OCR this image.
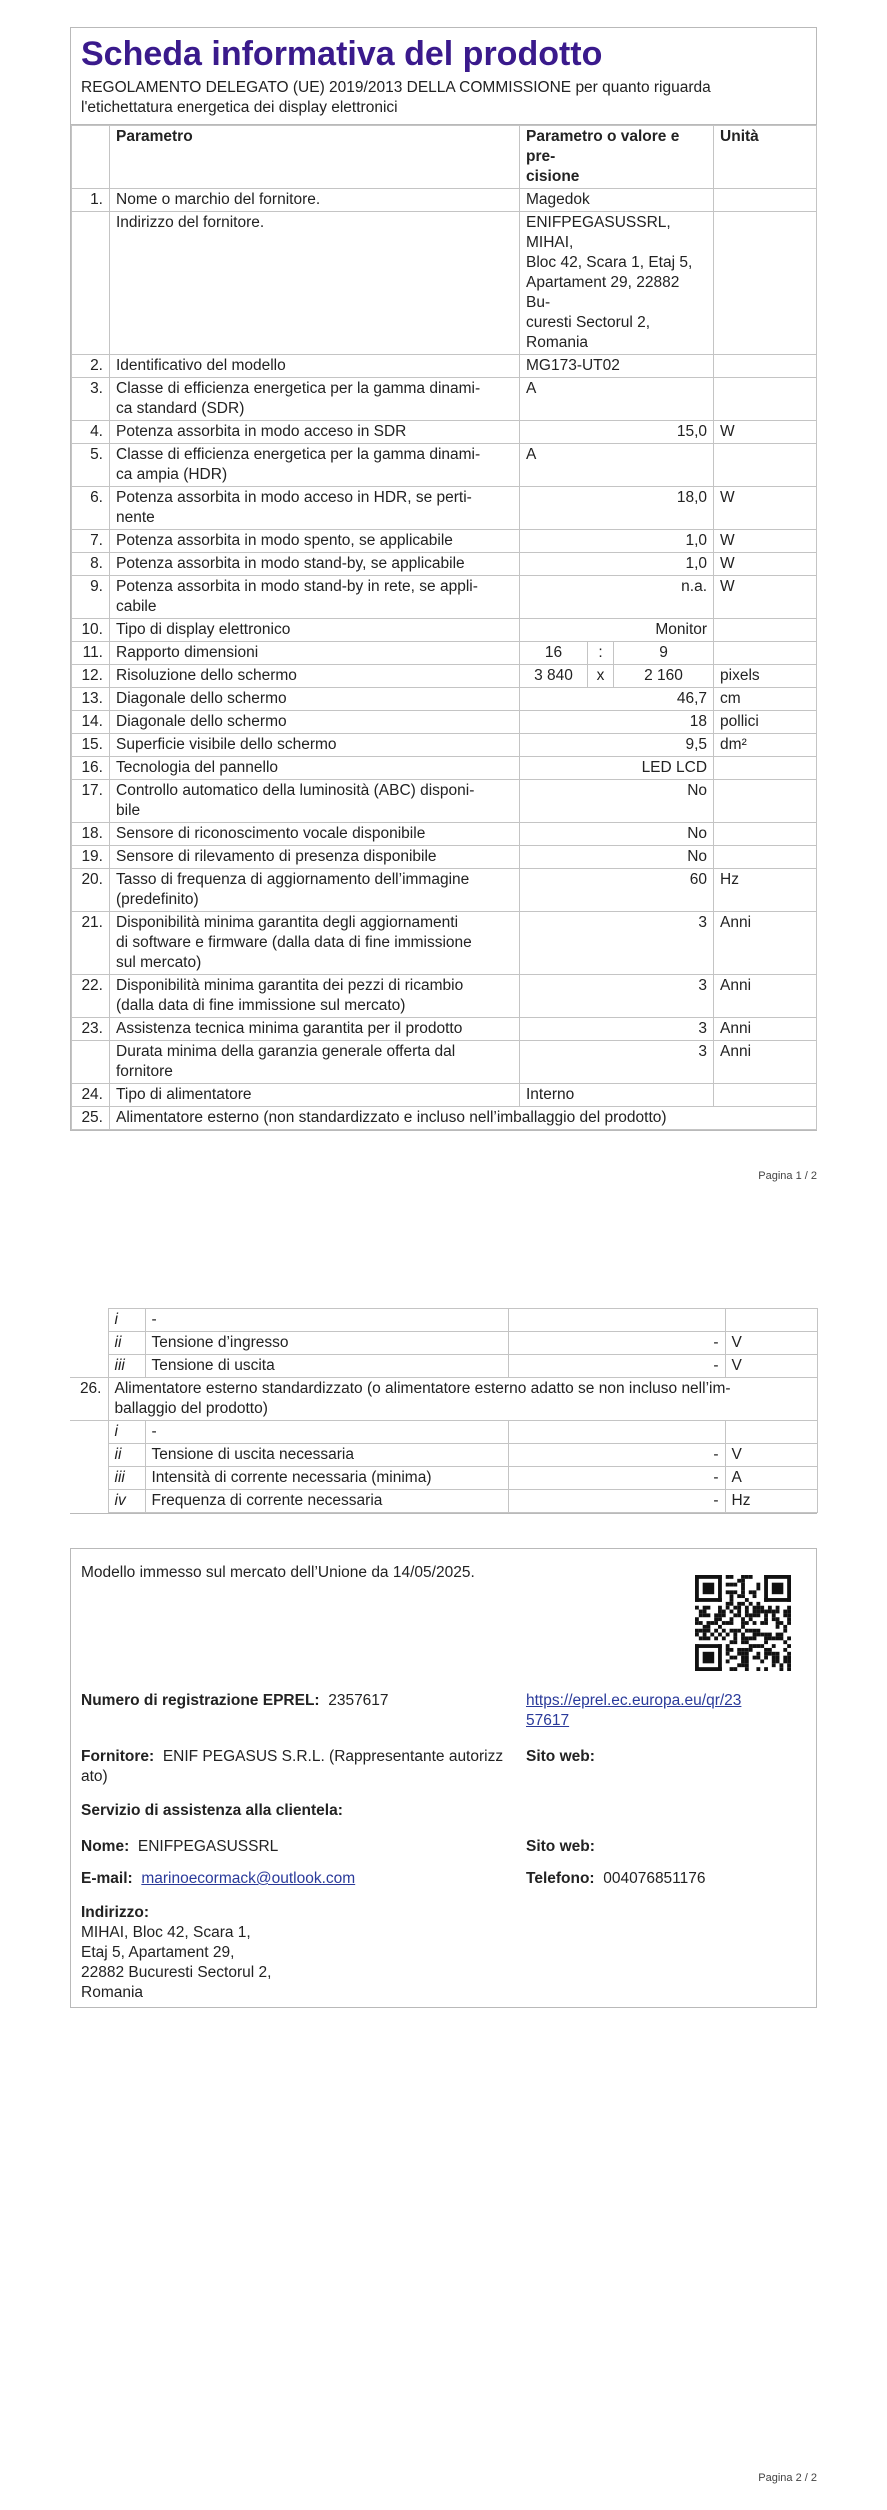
Scheda informativa del prodotto
REGOLAMENTO DELEGATO (UE) 2019/2013 DELLA COMMISSIONE per quanto riguarda
l'etichettatura energetica dei display elettronici
	Parametro	Parametro o valore e pre-
cisione			Unità
1.	Nome o marchio del fornitore.	Magedok			

	Indirizzo del fornitore.	ENIFPEGASUSSRL, MIHAI,
Bloc 42, Scara 1, Etaj 5,
Apartament 29, 22882 Bu-
curesti Sectorul 2, Romania			

2.	Identificativo del modello	MG173-UT02			

3.	Classe di efficienza energetica per la gamma dinami-
ca standard (SDR)	A			

4.	Potenza assorbita in modo acceso in SDR	15,0			W
5.	Classe di efficienza energetica per la gamma dinami-
ca ampia (HDR)	A			

6.	Potenza assorbita in modo acceso in HDR, se perti-
nente	18,0			W
7.	Potenza assorbita in modo spento, se applicabile	1,0			W
8.	Potenza assorbita in modo stand-by, se applicabile	1,0			W
9.	Potenza assorbita in modo stand-by in rete, se appli-
cabile	n.a.			W
10.	Tipo di display elettronico	Monitor			
11.	Rapporto dimensioni	16	:	9	
12.	Risoluzione dello schermo	3 840	x	2 160	pixels
13.	Diagonale dello schermo	46,7			cm
14.	Diagonale dello schermo	18			pollici
15.	Superficie visibile dello schermo	9,5			dm²
16.	Tecnologia del pannello	LED LCD			
17.	Controllo automatico della luminosità (ABC) disponi-
bile	No			
18.	Sensore di riconoscimento vocale disponibile	No			
19.	Sensore di rilevamento di presenza disponibile	No			
20.	Tasso di frequenza di aggiornamento dell’immagine
(predefinito)	60			Hz
21.	Disponibilità minima garantita degli aggiornamenti
di software e firmware (dalla data di fine immissione
sul mercato)	3			Anni
22.	Disponibilità minima garantita dei pezzi di ricambio
(dalla data di fine immissione sul mercato)	3			Anni
23.	Assistenza tecnica minima garantita per il prodotto	3			Anni

	Durata minima della garanzia generale offerta dal
fornitore	3			Anni
24.	Tipo di alimentatore	Interno			

25.	Alimentatore esterno (non standardizzato e incluso nell’imballaggio del prodotto)				
Pagina 1 / 2
	i	-		
	ii	Tensione d’ingresso	-	V
	iii	Tensione di uscita	-	V
26.	Alimentatore esterno standardizzato (o alimentatore esterno adatto se non incluso nell’im-
ballaggio del prodotto)			

	i	-		
	ii	Tensione di uscita necessaria	-	V
	iii	Intensità di corrente necessaria (minima)	-	A
	iv	Frequenza di corrente necessaria	-	Hz
Modello immesso sul mercato dell’Unione da 14/05/2025.
Numero di registrazione EPREL: 2357617	https://eprel.ec.europa.eu/qr/23
57617
Fornitore: ENIF PEGASUS S.R.L. (Rappresentante autorizz
ato)
Sito web:
Servizio di assistenza alla clientela:
Nome: ENIFPEGASUSSRL	Sito web:
E-mail: marinoecormack@outlook.com	Telefono: 004076851176
Indirizzo:
MIHAI, Bloc 42, Scara 1,
Etaj 5, Apartament 29,
22882 Bucuresti Sectorul 2,
Romania
Pagina 2 / 2
